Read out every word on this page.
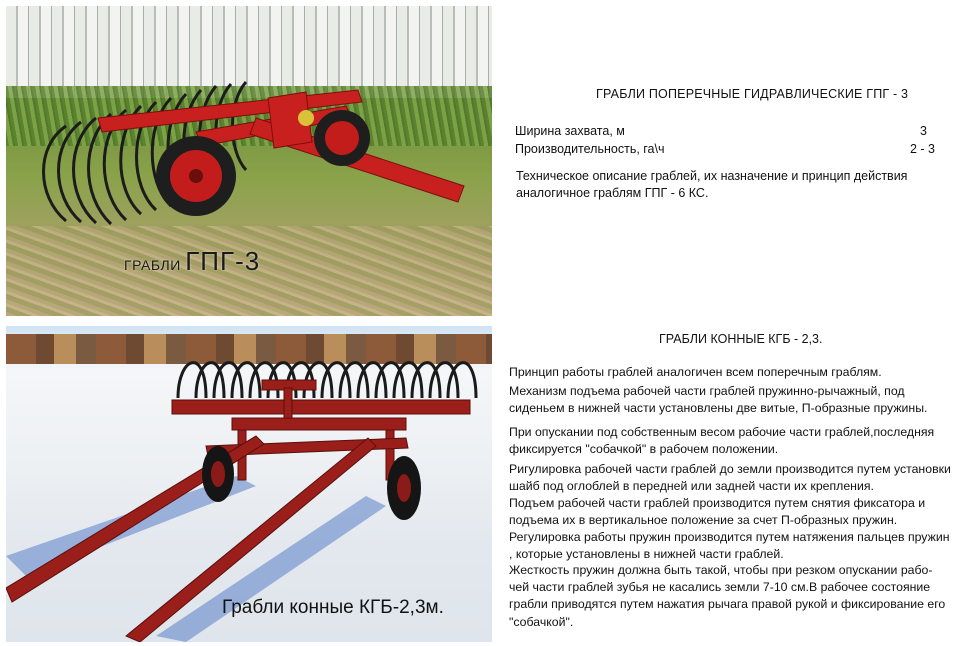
ГРАБЛИ ГПГ-3
Грабли конные КГБ-2,3м.
ГРАБЛИ ПОПЕРЕЧНЫЕ ГИДРАВЛИЧЕСКИЕ ГПГ - 3
Ширина захвата, м	3
Производительность, га\ч	2 - 3
Техническое описание граблей, их назначение и принцип действия аналогичное граблям ГПГ - 6 КС.
ГРАБЛИ КОННЫЕ КГБ - 2,3.
Принцип работы граблей аналогичен всем поперечным граблям.
Механизм подъема рабочей части граблей пружинно-рычажный, под сиденьем в нижней части установлены две витые, П-образные пружины.
При опускании под собственным весом рабочие части граблей,последняя фиксируется "собачкой" в рабочем положении.
Ригулировка рабочей части граблей до земли производится путем установки шайб под оглоблей в передней или задней части их крепления.
Подъем рабочей части граблей производится путем снятия фиксатора и подъема их в вертикальное положение за счет П-образных пружин.
Регулировка работы пружин производится путем натяжения пальцев пружин , которые установлены в нижней части граблей.
Жесткость пружин должна быть такой, чтобы при резком опускании рабо- чей части граблей зубья не касались земли 7-10 см.В рабочее состояние грабли приводятся путем нажатия рычага правой рукой и фиксирование его "собачкой".
